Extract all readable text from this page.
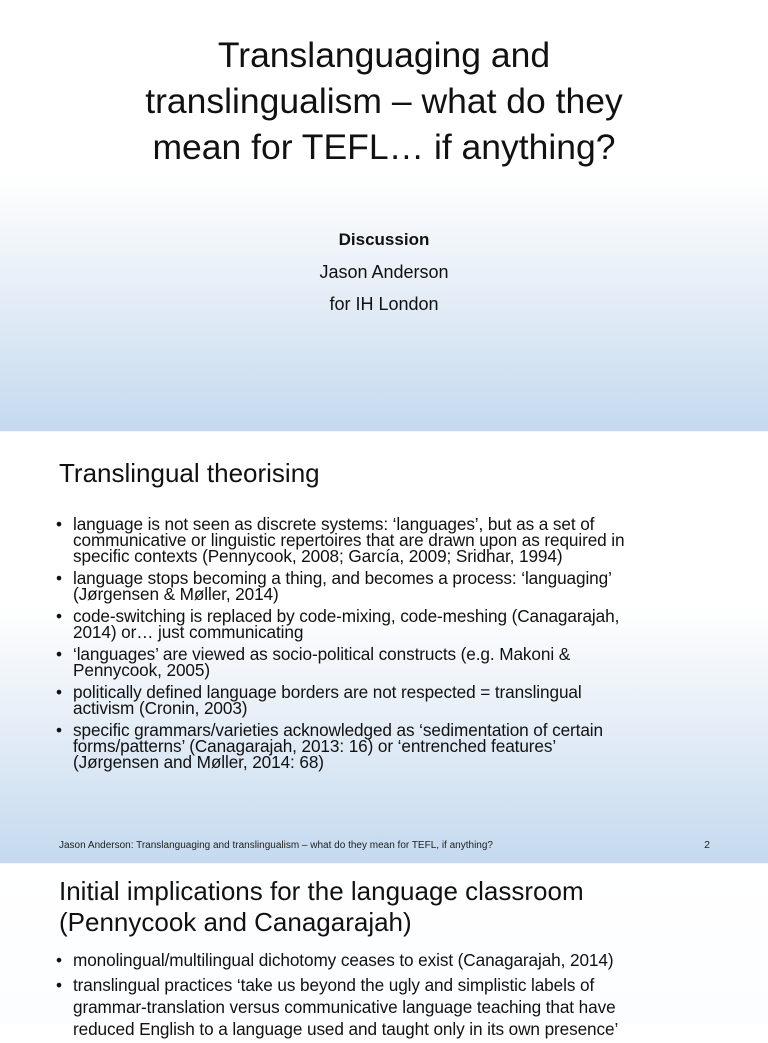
Translanguaging and
translingualism – what do they
mean for TEFL… if anything?
Discussion
Jason Anderson
for IH London
Translingual theorising
• language is not seen as discrete systems: ‘languages’, but as a set of
communicative or linguistic repertoires that are drawn upon as required in
specific contexts (Pennycook, 2008; García, 2009; Sridhar, 1994)
• language stops becoming a thing, and becomes a process: ‘languaging’
(Jørgensen & Møller, 2014)
• code-switching is replaced by code-mixing, code-meshing (Canagarajah,
2014) or… just communicating
• ‘languages’ are viewed as socio-political constructs (e.g. Makoni &
Pennycook, 2005)
• politically defined language borders are not respected = translingual
activism (Cronin, 2003)
• specific grammars/varieties acknowledged as ‘sedimentation of certain
forms/patterns’ (Canagarajah, 2013: 16) or ‘entrenched features’
(Jørgensen and Møller, 2014: 68)
Jason Anderson: Translanguaging and translingualism – what do they mean for TEFL, if anything?	2
Initial implications for the language classroom
(Pennycook and Canagarajah)
• monolingual/multilingual dichotomy ceases to exist (Canagarajah, 2014)
• translingual practices ‘take us beyond the ugly and simplistic labels of
grammar-translation versus communicative language teaching that have
reduced English to a language used and taught only in its own presence’
